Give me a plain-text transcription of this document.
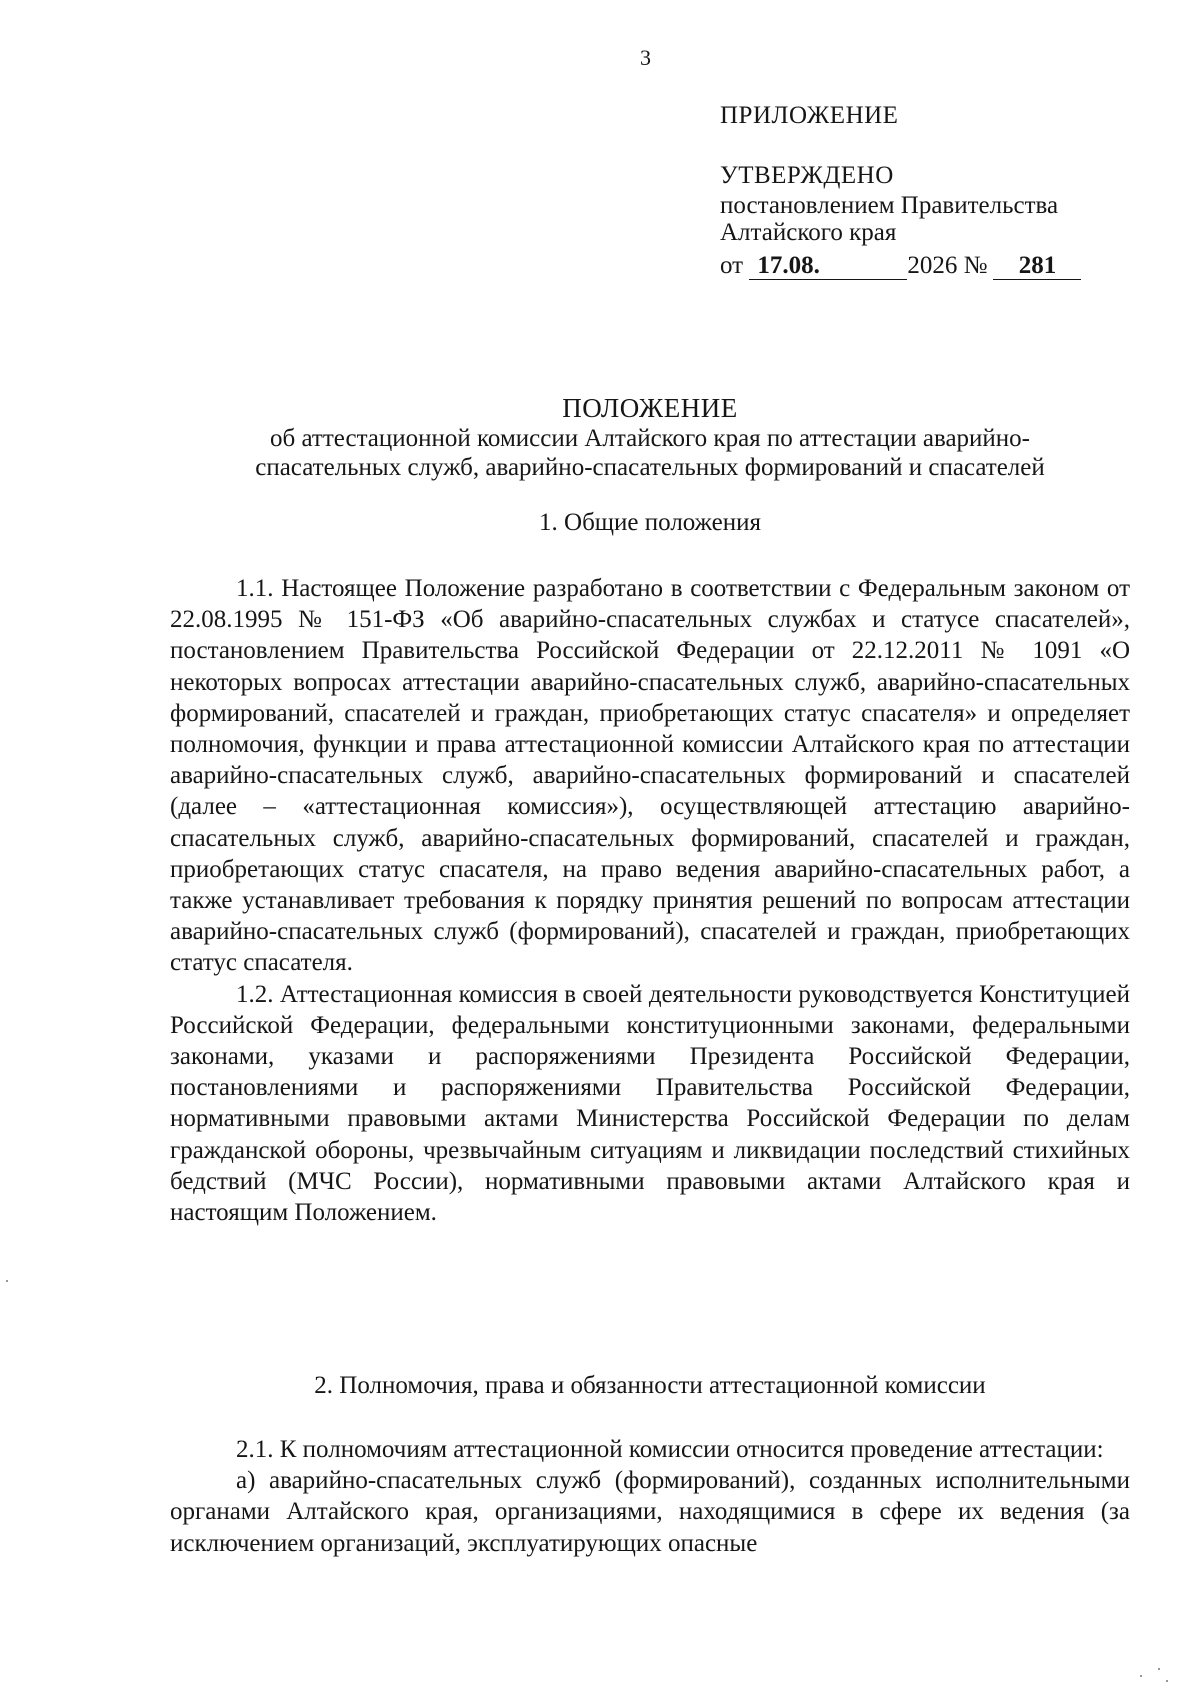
3
ПРИЛОЖЕНИЕ
УТВЕРЖДЕНО
постановлением Правительства
Алтайского края
от 17.08.	2026 № 281
ПОЛОЖЕНИЕ
об аттестационной комиссии Алтайского края по аттестации аварийно-
спасательных служб, аварийно-спасательных формирований и спасателей
1. Общие положения

1.1. Настоящее Положение разработано в соответствии с Федеральным законом от 22.08.1995 № 151-ФЗ «Об аварийно-спасательных службах и статусе спасателей», постановлением Правительства Российской Федерации от 22.12.2011 № 1091 «О некоторых вопросах аттестации аварийно-спасательных служб, аварийно-спасательных формирований, спасателей и граждан, приобретающих статус спасателя» и определяет полномочия, функции и права аттестационной комиссии Алтайского края по аттестации аварийно-спасательных служб, аварийно-спасательных формирований и спасателей (далее – «аттестационная комиссия»), осуществляющей аттестацию аварийно-спасательных служб, аварийно-спасательных формирований, спасателей и граждан, приобретающих статус спасателя, на право ведения аварийно-спасательных работ, а также устанавливает требования к порядку принятия решений по вопросам аттестации аварийно-спасательных служб (формирований), спасателей и граждан, приобретающих статус спасателя.

1.2. Аттестационная комиссия в своей деятельности руководствуется Конституцией Российской Федерации, федеральными конституционными законами, федеральными законами, указами и распоряжениями Президента Российской Федерации, постановлениями и распоряжениями Правительства Российской Федерации, нормативными правовыми актами Министерства Российской Федерации по делам гражданской обороны, чрезвычайным ситуациям и ликвидации последствий стихийных бедствий (МЧС России), нормативными правовыми актами Алтайского края и настоящим Положением.

2. Полномочия, права и обязанности аттестационной комиссии

2.1. К полномочиям аттестационной комиссии относится проведение аттестации:

а) аварийно-спасательных служб (формирований), созданных исполнительными органами Алтайского края, организациями, находящимися в сфере их ведения (за исключением организаций, эксплуатирующих опасные
